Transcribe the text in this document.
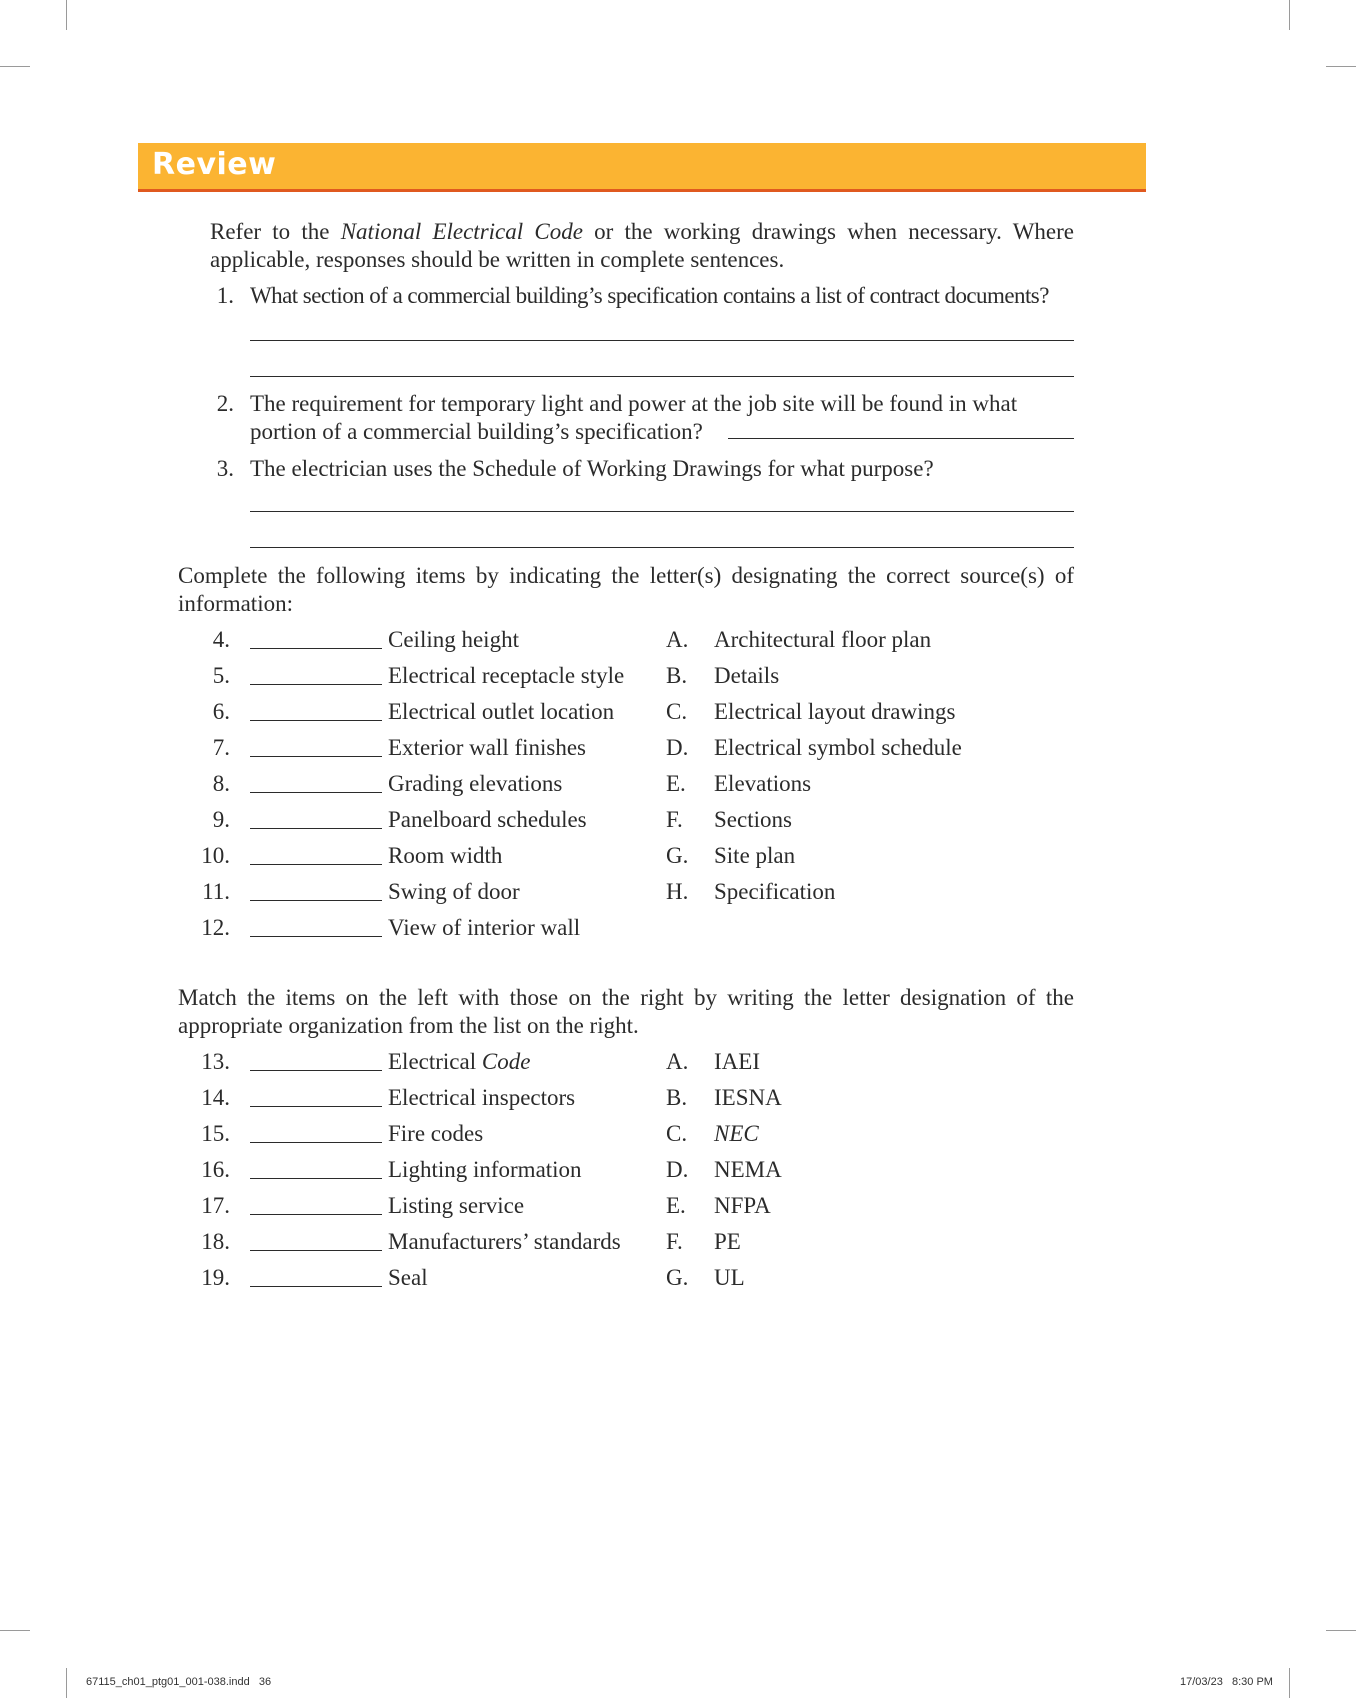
Review
Refer to the National Electrical Code or the working drawings when necessary. Where applicable, responses should be written in complete sentences.
1. What section of a commercial building’s specification contains a list of contract documents?
2. The requirement for temporary light and power at the job site will be found in what
portion of a commercial building’s specification?
3. The electrician uses the Schedule of Working Drawings for what purpose?
Complete the following items by indicating the letter(s) designating the correct source(s) of information:
4.	Ceiling height	A. Architectural floor plan
5.	Electrical receptacle style B. Details
6.	Electrical outlet location C. Electrical layout drawings
7.	Exterior wall finishes	D. Electrical symbol schedule
8.	Grading elevations	E. Elevations
9.	Panelboard schedules	F. Sections
10.	Room width	G. Site plan
11.	Swing of door	H. Specification
12.	View of interior wall
Match the items on the left with those on the right by writing the letter designation of the appropriate organization from the list on the right.
13.	Electrical Code	A. IAEI
14.	Electrical inspectors	B. IESNA
15.	Fire codes	C. NEC
16.	Lighting information	D. NEMA
17.	Listing service	E. NFPA
18.	Manufacturers’ standards F. PE
19.	Seal	G. UL
67115_ch01_ptg01_001-038.indd   36	17/03/23   8:30 PM
